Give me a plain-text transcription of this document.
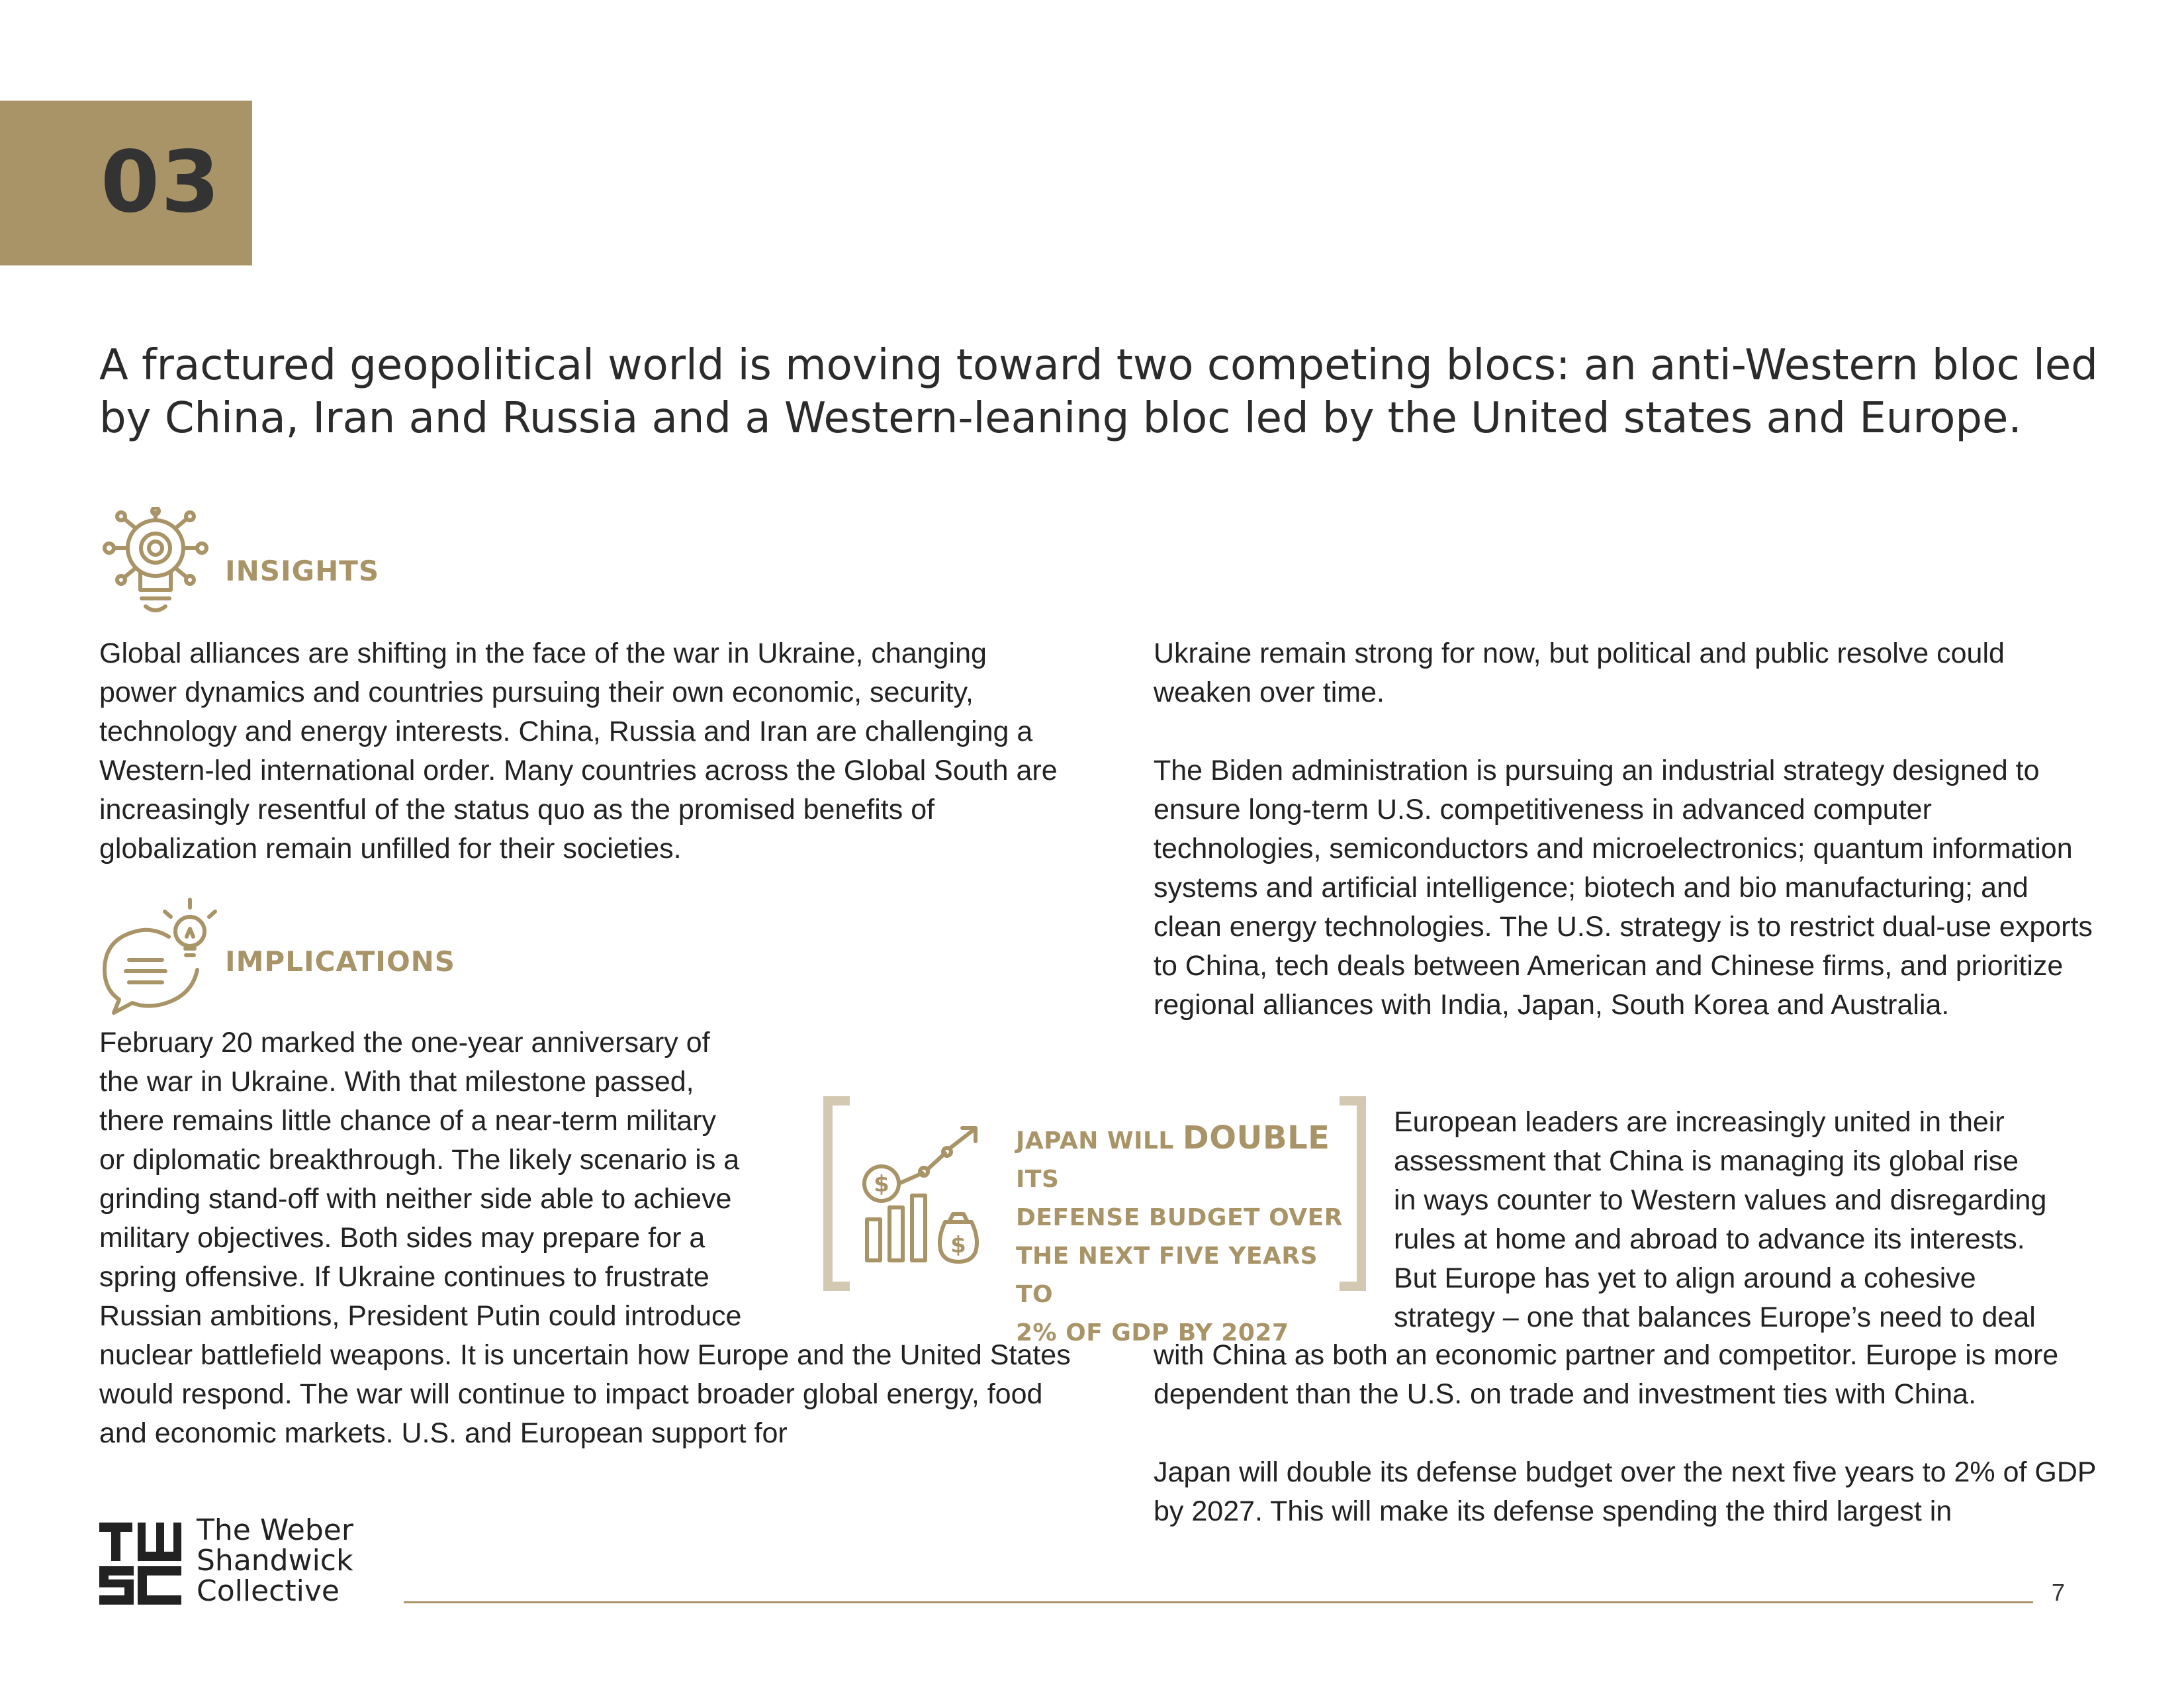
03
A fractured geopolitical world is moving toward two competing blocs: an anti-Western bloc led by China, Iran and Russia and a Western-leaning bloc led by the United states and Europe.
INSIGHTS

Global alliances are shifting in the face of the war in Ukraine, changing power dynamics and countries pursuing their own economic, security, technology and energy interests. China, Russia and Iran are challenging a Western-led international order. Many countries across the Global South are increasingly resentful of the status quo as the promised benefits of globalization remain unfilled for their societies.

IMPLICATIONS
February 20 marked the one-year anniversary of
the war in Ukraine. With that milestone passed,
there remains little chance of a near-term military
or diplomatic breakthrough. The likely scenario is a
grinding stand-off with neither side able to achieve
military objectives. Both sides may prepare for a
spring offensive. If Ukraine continues to frustrate
Russian ambitions, President Putin could introduce

nuclear battlefield weapons. It is uncertain how Europe and the United States would respond. The war will continue to impact broader global energy, food and economic markets. U.S. and European support for

Ukraine remain strong for now, but political and public resolve could weaken over time.

The Biden administration is pursuing an industrial strategy designed to ensure long-term U.S. competitiveness in advanced computer technologies, semiconductors and microelectronics; quantum information systems and artificial intelligence; biotech and bio manufacturing; and clean energy technologies. The U.S. strategy is to restrict dual-use exports to China, tech deals between American and Chinese firms, and prioritize regional alliances with India, Japan, South Korea and Australia.

European leaders are increasingly united in their
assessment that China is managing its global rise
in ways counter to Western values and disregarding
rules at home and abroad to advance its interests.
But Europe has yet to align around a cohesive
strategy – one that balances Europe’s need to deal

with China as both an economic partner and competitor. Europe is more dependent than the U.S. on trade and investment ties with China.

Japan will double its defense budget over the next five years to 2% of GDP by 2027. This will make its defense spending the third largest in

$
$
JAPAN WILL DOUBLE ITS
DEFENSE BUDGET OVER
THE NEXT FIVE YEARS TO
2% OF GDP BY 2027
The Weber
Shandwick
Collective	7
